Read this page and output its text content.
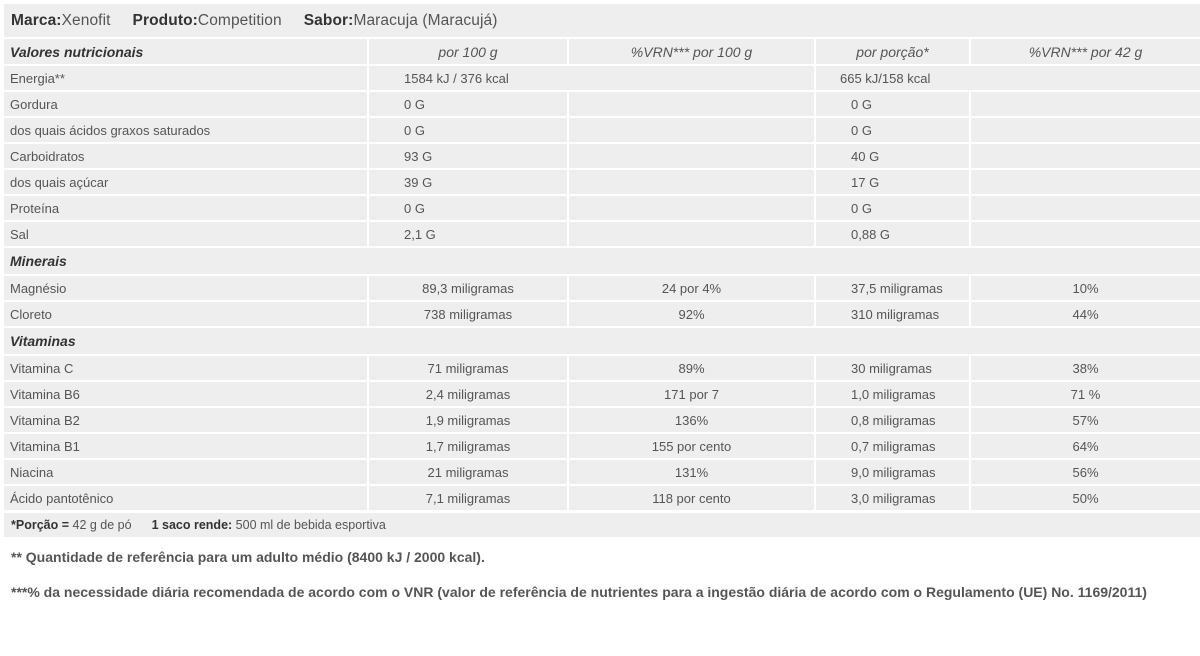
Marca:Xenofit Produto:Competition Sabor:Maracuja (Maracujá)
Valores nutricionais	por 100 g	%VRN*** por 100 g	por porção*	%VRN*** por 42 g
Energia**	1584 kJ / 376 kcal		665 kJ/158 kcal	
Gordura	0 G		0 G	
dos quais ácidos graxos saturados	0 G		0 G	
Carboidratos	93 G		40 G	
dos quais açúcar	39 G		17 G	
Proteína	0 G		0 G	
Sal	2,1 G		0,88 G	
Minerais				
Magnésio	89,3 miligramas	24 por 4%	37,5 miligramas	10%
Cloreto	738 miligramas	92%	310 miligramas	44%
Vitaminas				
Vitamina C	71 miligramas	89%	30 miligramas	38%
Vitamina B6	2,4 miligramas	171 por 7	1,0 miligramas	71 %
Vitamina B2	1,9 miligramas	136%	0,8 miligramas	57%
Vitamina B1	1,7 miligramas	155 por cento	0,7 miligramas	64%
Niacina	21 miligramas	131%	9,0 miligramas	56%
Ácido pantotênico	7,1 miligramas	118 por cento	3,0 miligramas	50%
*Porção =
42 g de pó 1 saco rende:
500 ml de bebida esportiva
** Quantidade de referência para um adulto médio (8400 kJ / 2000 kcal).
***% da necessidade diária recomendada de acordo com o VNR (valor de referência de nutrientes para a ingestão diária de acordo com o Regulamento (UE) No. 1169/2011)
